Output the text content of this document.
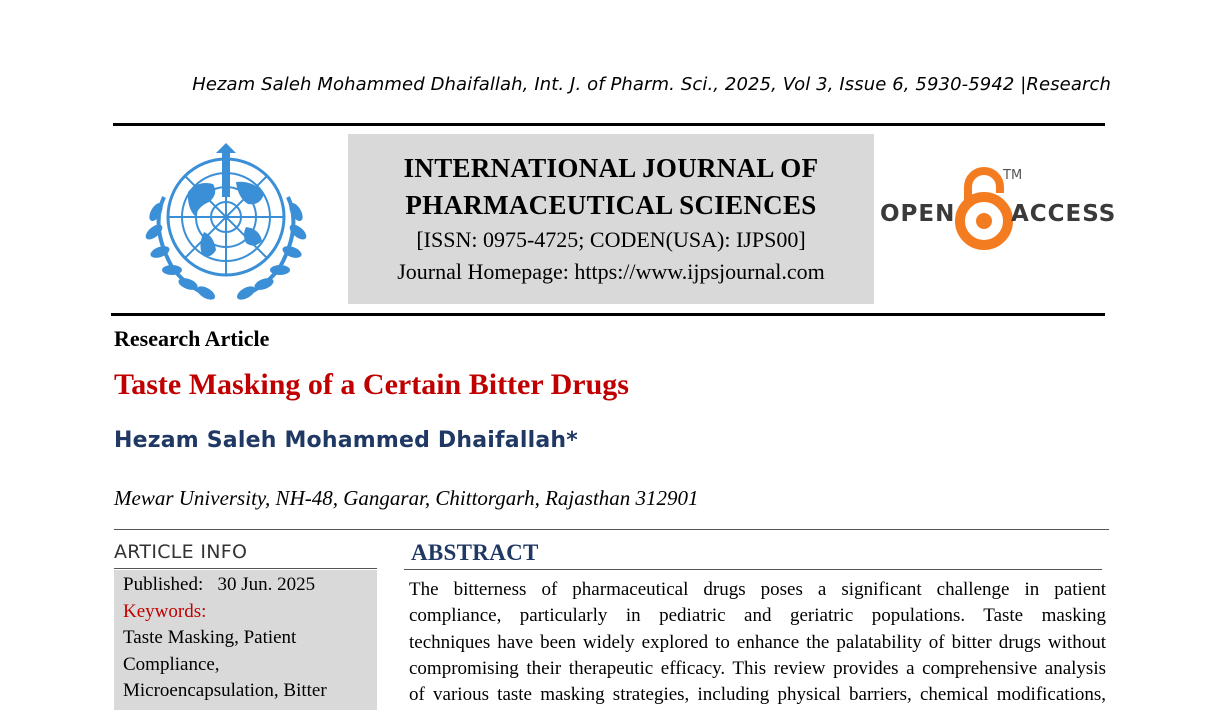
Hezam Saleh Mohammed Dhaifallah, Int. J. of Pharm. Sci., 2025, Vol 3, Issue 6, 5930-5942 |Research
INTERNATIONAL JOURNAL OF
PHARMACEUTICAL SCIENCES
[ISSN: 0975-4725; CODEN(USA): IJPS00]
Journal Homepage: https://www.ijpsjournal.com
OPEN
TM
ACCESS
Research Article
Taste Masking of a Certain Bitter Drugs
Hezam Saleh Mohammed Dhaifallah*
Mewar University, NH-48, Gangarar, Chittorgarh, Rajasthan 312901
ARTICLE INFO
Published: 30 Jun. 2025
Keywords:
Taste Masking, Patient
Compliance,
Microencapsulation, Bitter
ABSTRACT
The bitterness of pharmaceutical drugs poses a significant challenge in patient
compliance, particularly in pediatric and geriatric populations. Taste masking
techniques have been widely explored to enhance the palatability of bitter drugs without
compromising their therapeutic efficacy. This review provides a comprehensive analysis
of various taste masking strategies, including physical barriers, chemical modifications,
